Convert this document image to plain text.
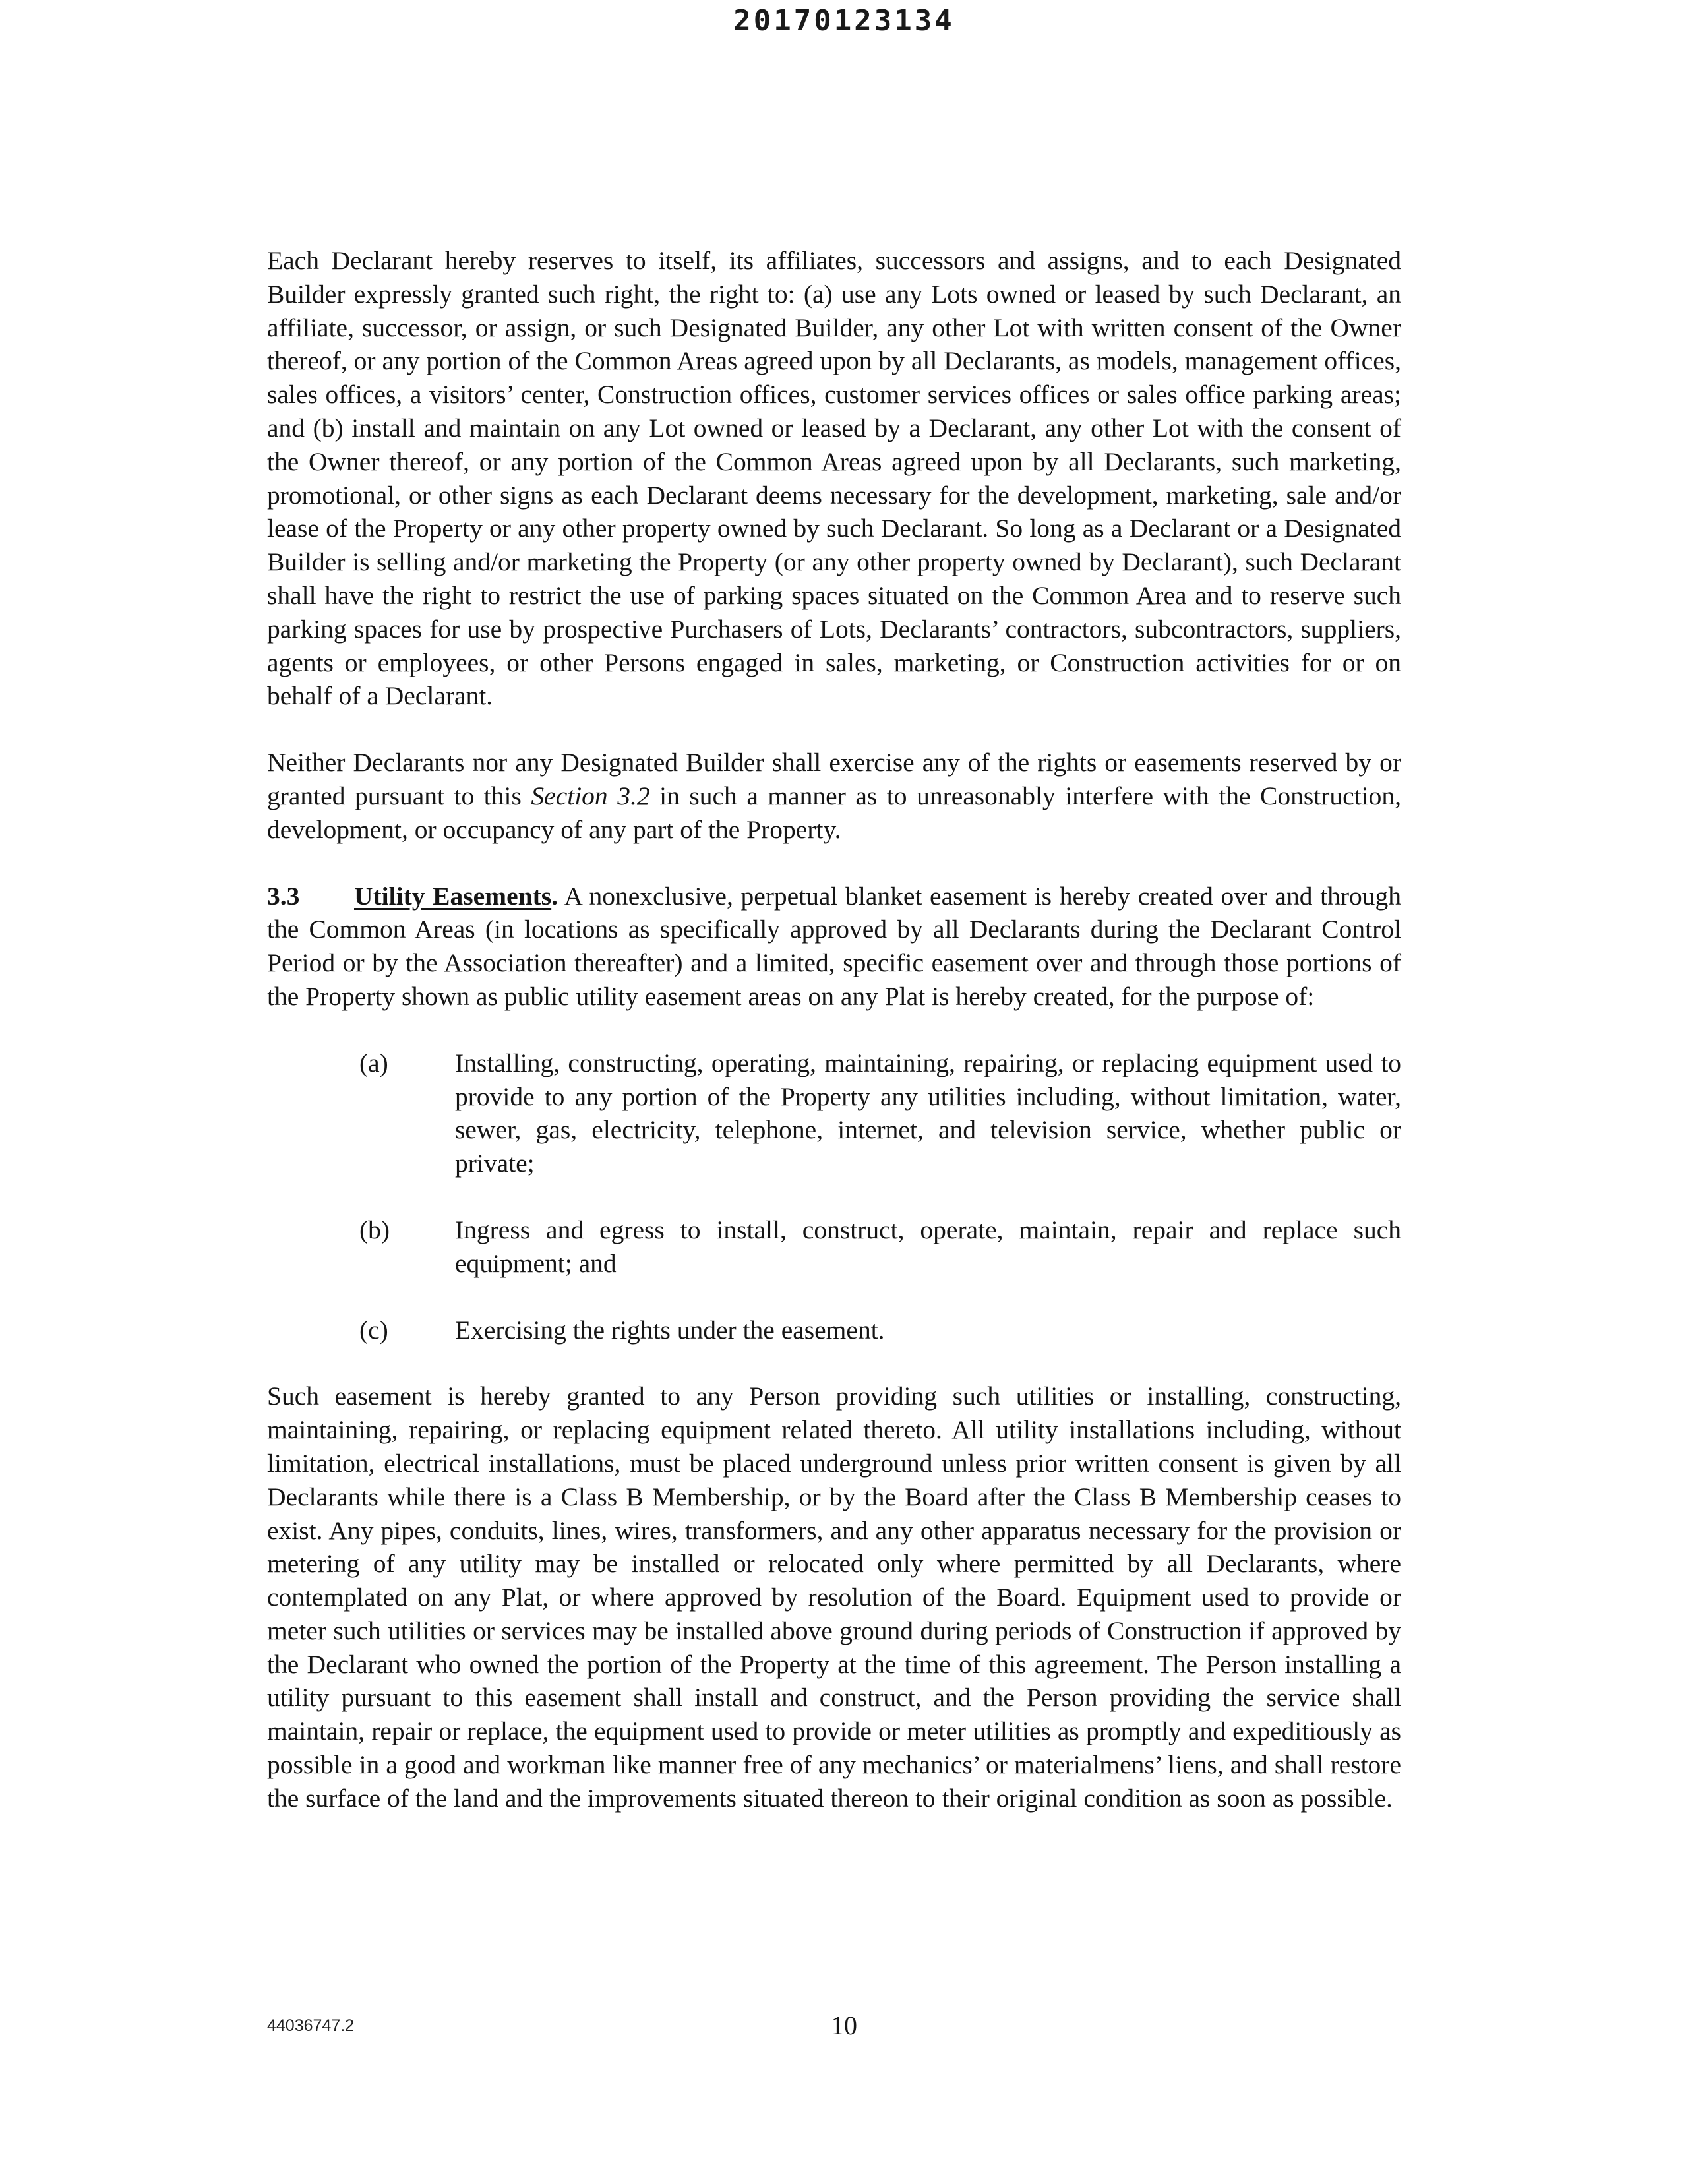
20170123134

Each Declarant hereby reserves to itself, its affiliates, successors and assigns, and to each Designated Builder expressly granted such right, the right to: (a) use any Lots owned or leased by such Declarant, an affiliate, successor, or assign, or such Designated Builder, any other Lot with written consent of the Owner thereof, or any portion of the Common Areas agreed upon by all Declarants, as models, management offices, sales offices, a visitors’ center, Construction offices, customer services offices or sales office parking areas; and (b) install and maintain on any Lot owned or leased by a Declarant, any other Lot with the consent of the Owner thereof, or any portion of the Common Areas agreed upon by all Declarants, such marketing, promotional, or other signs as each Declarant deems necessary for the development, marketing, sale and/or lease of the Property or any other property owned by such Declarant. So long as a Declarant or a Designated Builder is selling and/or marketing the Property (or any other property owned by Declarant), such Declarant shall have the right to restrict the use of parking spaces situated on the Common Area and to reserve such parking spaces for use by prospective Purchasers of Lots, Declarants’ contractors, subcontractors, suppliers, agents or employees, or other Persons engaged in sales, marketing, or Construction activities for or on behalf of a Declarant.

Neither Declarants nor any Designated Builder shall exercise any of the rights or easements reserved by or granted pursuant to this Section 3.2 in such a manner as to unreasonably interfere with the Construction, development, or occupancy of any part of the Property.

3.3 Utility Easements. A nonexclusive, perpetual blanket easement is hereby created over and through the Common Areas (in locations as specifically approved by all Declarants during the Declarant Control Period or by the Association thereafter) and a limited, specific easement over and through those portions of the Property shown as public utility easement areas on any Plat is hereby created, for the purpose of:

(a)	Installing, constructing, operating, maintaining, repairing, or replacing equipment used to provide to any portion of the Property any utilities including, without limitation, water, sewer, gas, electricity, telephone, internet, and television service, whether public or private;
(b)	Ingress and egress to install, construct, operate, maintain, repair and replace such equipment; and
(c)	Exercising the rights under the easement.

Such easement is hereby granted to any Person providing such utilities or installing, constructing, maintaining, repairing, or replacing equipment related thereto. All utility installations including, without limitation, electrical installations, must be placed underground unless prior written consent is given by all Declarants while there is a Class B Membership, or by the Board after the Class B Membership ceases to exist. Any pipes, conduits, lines, wires, transformers, and any other apparatus necessary for the provision or metering of any utility may be installed or relocated only where permitted by all Declarants, where contemplated on any Plat, or where approved by resolution of the Board. Equipment used to provide or meter such utilities or services may be installed above ground during periods of Construction if approved by the Declarant who owned the portion of the Property at the time of this agreement. The Person installing a utility pursuant to this easement shall install and construct, and the Person providing the service shall maintain, repair or replace, the equipment used to provide or meter utilities as promptly and expeditiously as possible in a good and workman like manner free of any mechanics’ or materialmens’ liens, and shall restore the surface of the land and the improvements situated thereon to their original condition as soon as possible.

44036747.2	10
